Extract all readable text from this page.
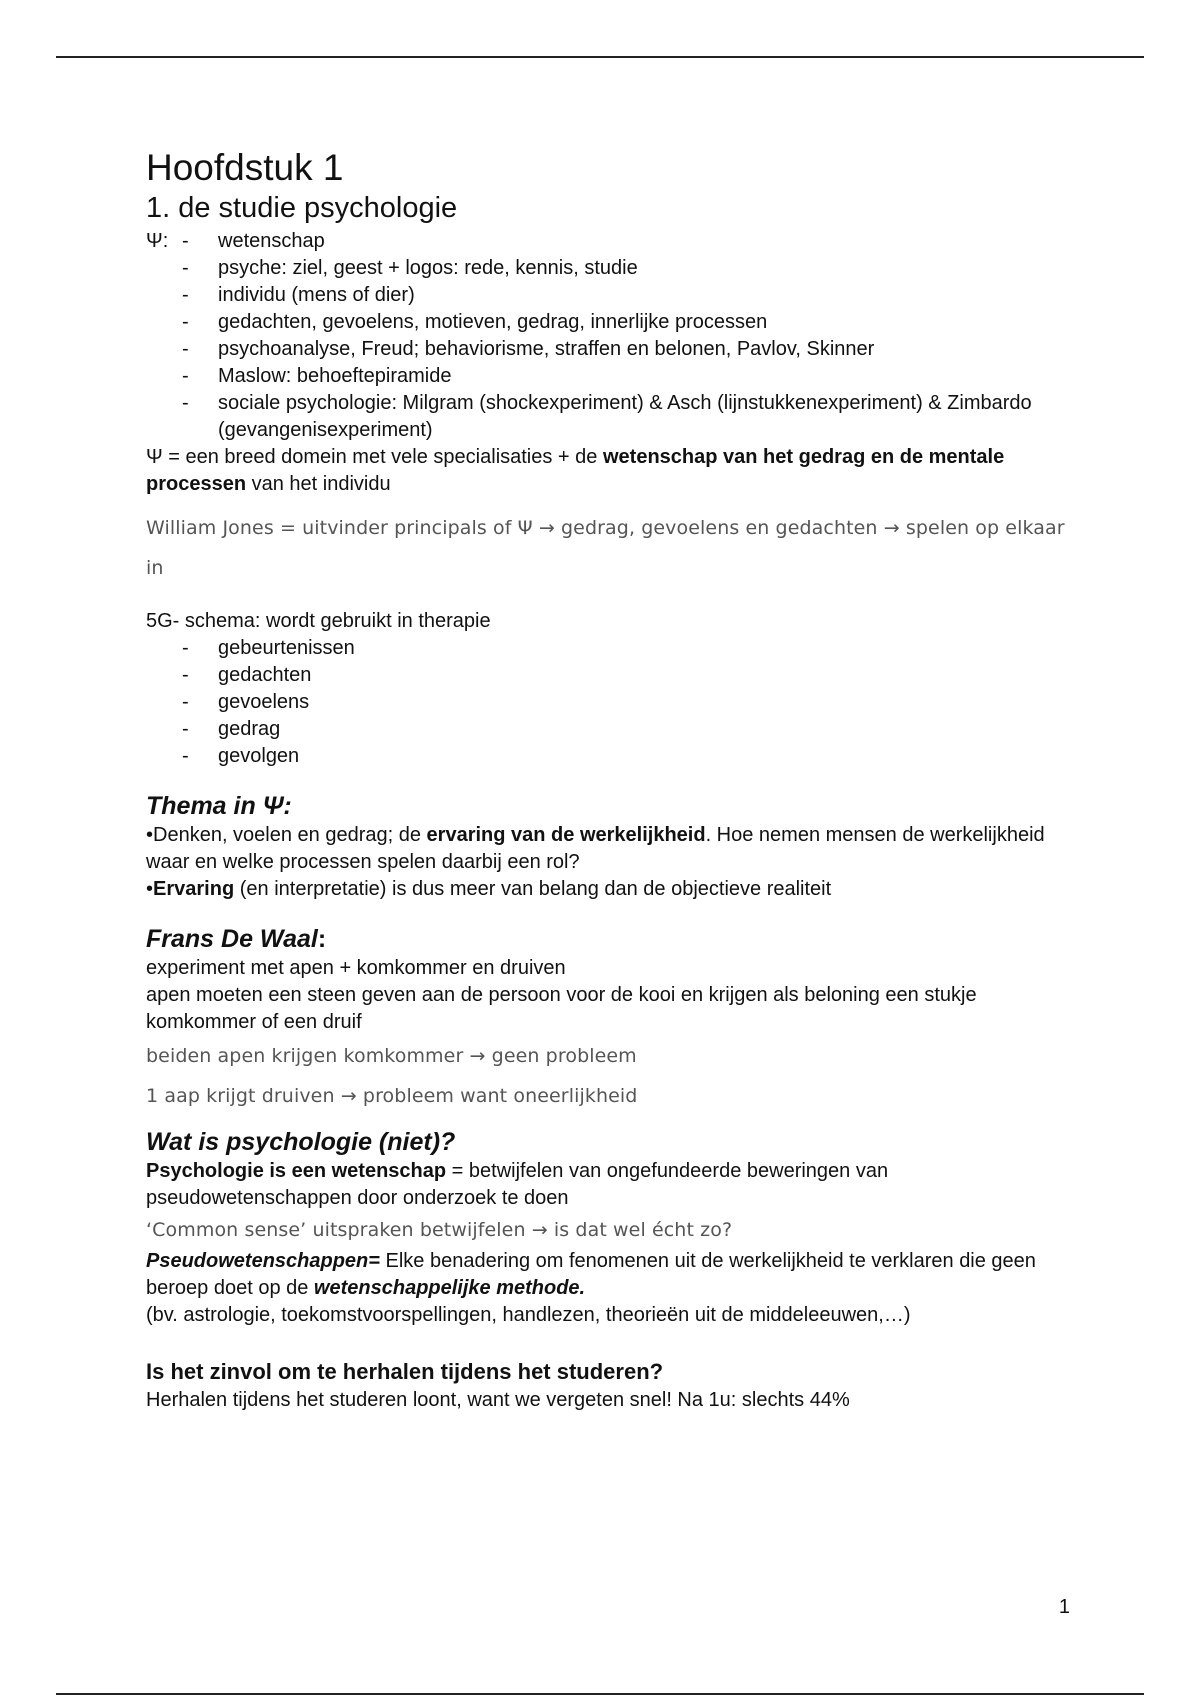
Hoofdstuk 1
1. de studie psychologie
Ψ:
-	wetenschap
- psyche: ziel, geest + logos: rede, kennis, studie
- individu (mens of dier)
- gedachten, gevoelens, motieven, gedrag, innerlijke processen
- psychoanalyse, Freud; behaviorisme, straffen en belonen, Pavlov, Skinner
- Maslow: behoeftepiramide
- sociale psychologie: Milgram (shockexperiment) & Asch (lijnstukkenexperiment) & Zimbardo (gevangenisexperiment)

Ψ = een breed domein met vele specialisaties + de wetenschap van het gedrag en de mentale processen van het individu

William Jones = uitvinder principals of Ψ → gedrag, gevoelens en gedachten → spelen op elkaar in

5G- schema: wordt gebruikt in therapie

- gebeurtenissen
- gedachten
- gevoelens
- gedrag
- gevolgen
Thema in Ψ:

•Denken, voelen en gedrag; de ervaring van de werkelijkheid. Hoe nemen mensen de werkelijkheid waar en welke processen spelen daarbij een rol?

•Ervaring (en interpretatie) is dus meer van belang dan de objectieve realiteit

Frans De Waal:

experiment met apen + komkommer en druiven

apen moeten een steen geven aan de persoon voor de kooi en krijgen als beloning een stukje komkommer of een druif

beiden apen krijgen komkommer → geen probleem

1 aap krijgt druiven → probleem want oneerlijkheid

Wat is psychologie (niet)?

Psychologie is een wetenschap = betwijfelen van ongefundeerde beweringen van pseudowetenschappen door onderzoek te doen

‘Common sense’ uitspraken betwijfelen → is dat wel écht zo?

Pseudowetenschappen= Elke benadering om fenomenen uit de werkelijkheid te verklaren die geen beroep doet op de wetenschappelijke methode.

(bv. astrologie, toekomstvoorspellingen, handlezen, theorieën uit de middeleeuwen,…)

Is het zinvol om te herhalen tijdens het studeren?

Herhalen tijdens het studeren loont, want we vergeten snel! Na 1u: slechts 44%

1
